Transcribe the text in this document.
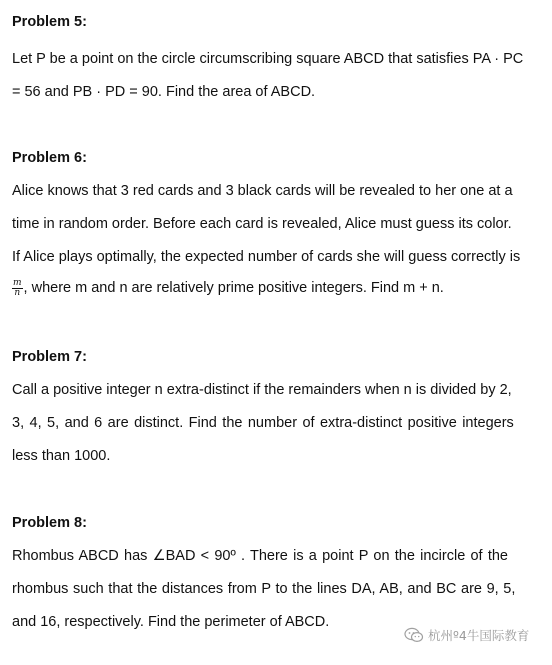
Problem 5:
Let P be a point on the circle circumscribing square ABCD that satisfies PA · PC
= 56 and PB · PD = 90. Find the area of ABCD.
Problem 6:
Alice knows that 3 red cards and 3 black cards will be revealed to her one at a
time in random order. Before each card is revealed, Alice must guess its color.
If Alice plays optimally, the expected number of cards she will guess correctly is
$\frac{m}{n}$ , where m and n are relatively prime positive integers. Find m + n.
Problem 7:
Call a positive integer n extra-distinct if the remainders when n is divided by 2,
3, 4, 5, and 6 are distinct. Find the number of extra-distinct positive integers
less than 1000.
Problem 8:
Rhombus ABCD has ∠BAD < 90º . There is a point P on the incircle of the
rhombus such that the distances from P to the lines DA, AB, and BC are 9, 5,
and 16, respectively. Find the perimeter of ABCD.
杭州º4牛国际教育
